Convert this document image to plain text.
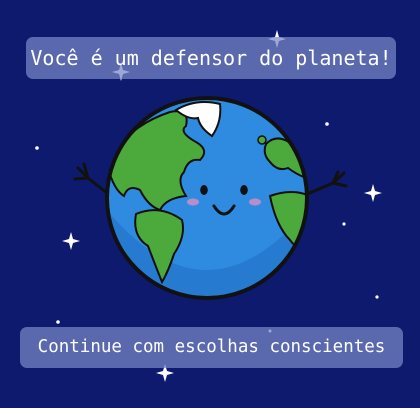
Você é um defensor do planeta!
Continue com escolhas conscientes
